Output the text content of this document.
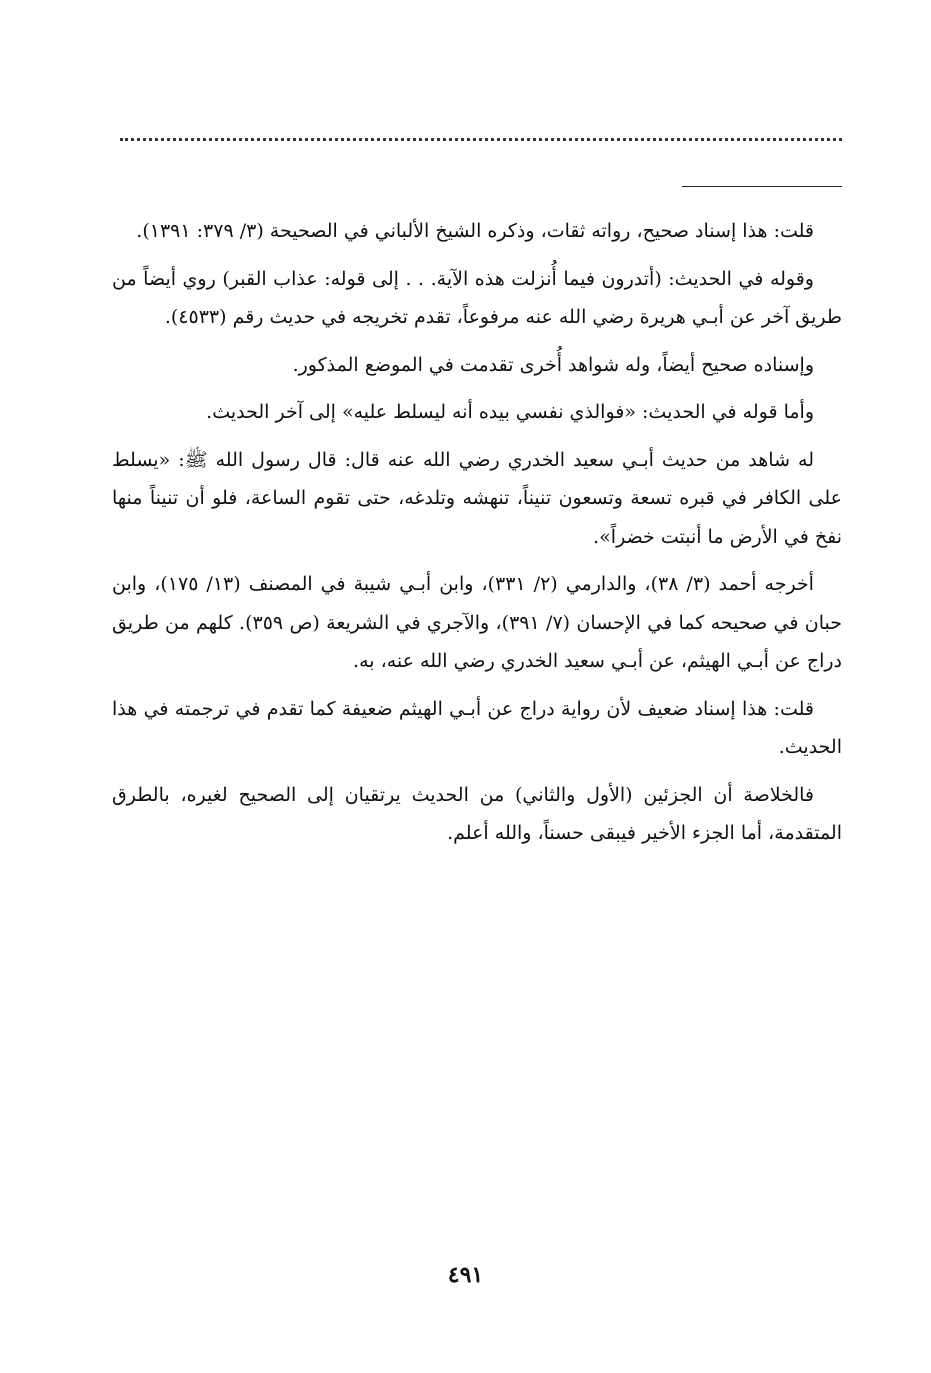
قلت: هذا إسناد صحيح، رواته ثقات، وذكره الشيخ الألباني في الصحيحة (٣/ ٣٧٩: ١٣٩١).

وقوله في الحديث: (أتدرون فيما أُنزلت هذه الآية. . . إلى قوله: عذاب القبر) روي أيضاً من طريق آخر عن أبـي هريرة رضي الله عنه مرفوعاً، تقدم تخريجه في حديث رقم (٤٥٣٣).

وإسناده صحيح أيضاً، وله شواهد أُخرى تقدمت في الموضع المذكور.

وأما قوله في الحديث: «فوالذي نفسي بيده أنه ليسلط عليه» إلى آخر الحديث.

له شاهد من حديث أبـي سعيد الخدري رضي الله عنه قال: قال رسول الله ﷺ: «يسلط على الكافر في قبره تسعة وتسعون تنيناً، تنهشه وتلدغه، حتى تقوم الساعة، فلو أن تنيناً منها نفخ في الأرض ما أنبتت خضراً».

أخرجه أحمد (٣/ ٣٨)، والدارمي (٢/ ٣٣١)، وابن أبـي شيبة في المصنف (١٣/ ١٧٥)، وابن حبان في صحيحه كما في الإحسان (٧/ ٣٩١)، والآجري في الشريعة (ص ٣٥٩). كلهم من طريق دراج عن أبـي الهيثم، عن أبـي سعيد الخدري رضي الله عنه، به.

قلت: هذا إسناد ضعيف لأن رواية دراج عن أبـي الهيثم ضعيفة كما تقدم في ترجمته في هذا الحديث.

فالخلاصة أن الجزئين (الأول والثاني) من الحديث يرتقيان إلى الصحيح لغيره، بالطرق المتقدمة، أما الجزء الأخير فيبقى حسناً، والله أعلم.

٤٩١
